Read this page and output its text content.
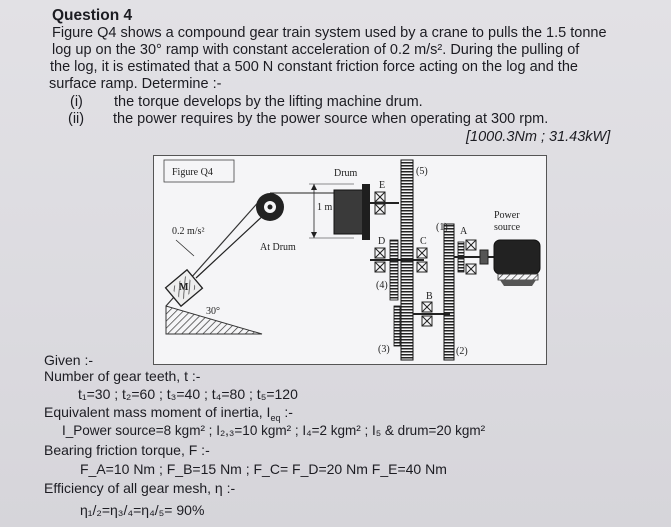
Question 4
Figure Q4 shows a compound gear train system used by a crane to pulls the 1.5 tonne
log up on the 30° ramp with constant acceleration of 0.2 m/s². During the pulling of
the log, it is estimated that a 500 N constant friction force acting on the log and the
surface ramp. Determine :-
(i) the torque develops by the lifting machine drum.
(ii) the power requires by the power source when operating at 300 rpm.
[1000.3Nm ; 31.43kW]
Figure Q4
M
30°
0.2 m/s²
At Drum
1 m
Drum
E
D
(4)
(5)
C
B
(3)	(2)
(1) A
Power
source
Given :-
Number of gear teeth, t :-
t₁=30 ; t₂=60 ; t₃=40 ; t₄=80 ; t₅=120
Equivalent mass moment of inertia, $I_{eq}$ :-
I_Power source=8 kgm² ; I₂,₃=10 kgm² ; I₄=2 kgm² ; I₅ & drum=20 kgm²
Bearing friction torque, F :-
F_A=10 Nm ; F_B=15 Nm ; F_C= F_D=20 Nm F_E=40 Nm
Efficiency of all gear mesh, η :-
η₁/₂=η₃/₄=η₄/₅= 90%
